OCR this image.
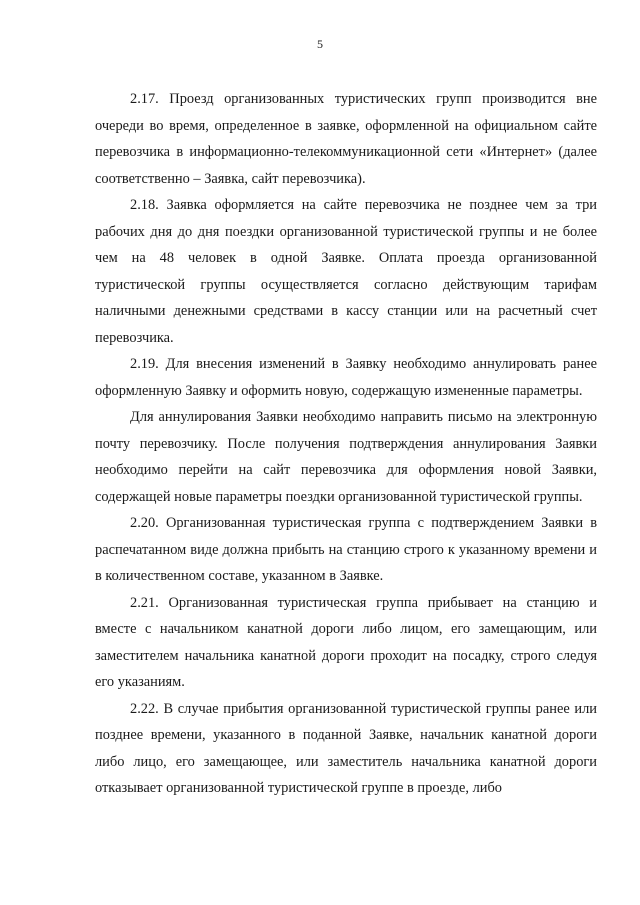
5

2.17. Проезд организованных туристических групп производится вне очереди во время, определенное в заявке, оформленной на официальном сайте перевозчика в информационно-телекоммуникационной сети «Интернет» (далее соответственно – Заявка, сайт перевозчика).

2.18. Заявка оформляется на сайте перевозчика не позднее чем за три рабочих дня до дня поездки организованной туристической группы и не более чем на 48 человек в одной Заявке. Оплата проезда организованной туристической группы осуществляется согласно действующим тарифам наличными денежными средствами в кассу станции или на расчетный счет перевозчика.

2.19. Для внесения изменений в Заявку необходимо аннулировать ранее оформленную Заявку и оформить новую, содержащую измененные параметры.

Для аннулирования Заявки необходимо направить письмо на электронную почту перевозчику. После получения подтверждения аннулирования Заявки необходимо перейти на сайт перевозчика для оформления новой Заявки, содержащей новые параметры поездки организованной туристической группы.

2.20. Организованная туристическая группа с подтверждением Заявки в распечатанном виде должна прибыть на станцию строго к указанному времени и в количественном составе, указанном в Заявке.

2.21. Организованная туристическая группа прибывает на станцию и вместе с начальником канатной дороги либо лицом, его замещающим, или заместителем начальника канатной дороги проходит на посадку, строго следуя его указаниям.

2.22. В случае прибытия организованной туристической группы ранее или позднее времени, указанного в поданной Заявке, начальник канатной дороги либо лицо, его замещающее, или заместитель начальника канатной дороги отказывает организованной туристической группе в проезде, либо
